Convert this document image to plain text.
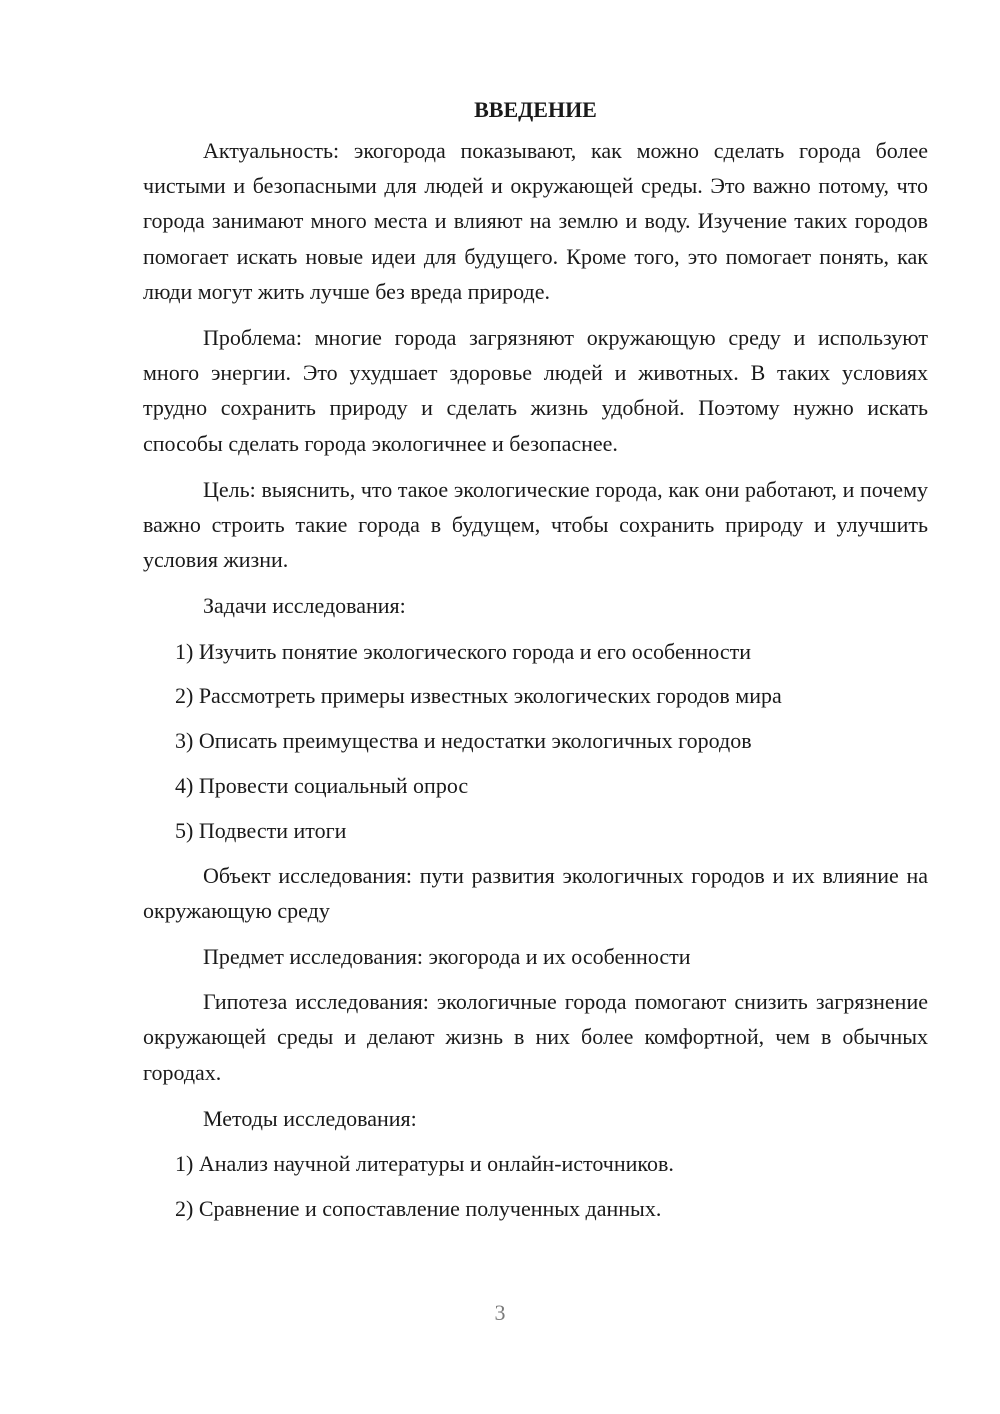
ВВЕДЕНИЕ
Актуальность: экогорода показывают, как можно сделать города более чистыми и безопасными для людей и окружающей среды. Это важно потому, что города занимают много места и влияют на землю и воду. Изучение таких городов помогает искать новые идеи для будущего. Кроме того, это помогает понять, как люди могут жить лучше без вреда природе.
Проблема: многие города загрязняют окружающую среду и используют много энергии. Это ухудшает здоровье людей и животных. В таких условиях трудно сохранить природу и сделать жизнь удобной. Поэтому нужно искать способы сделать города экологичнее и безопаснее.
Цель: выяснить, что такое экологические города, как они работают, и почему важно строить такие города в будущем, чтобы сохранить природу и улучшить условия жизни.
Задачи исследования:
1) Изучить понятие экологического города и его особенности
2) Рассмотреть примеры известных экологических городов мира
3) Описать преимущества и недостатки экологичных городов
4) Провести социальный опрос
5) Подвести итоги
Объект исследования: пути развития экологичных городов и их влияние на окружающую среду
Предмет исследования: экогорода и их особенности
Гипотеза исследования: экологичные города помогают снизить загрязнение окружающей среды и делают жизнь в них более комфортной, чем в обычных городах.
Методы исследования:
1) Анализ научной литературы и онлайн-источников.
2) Сравнение и сопоставление полученных данных.
3
